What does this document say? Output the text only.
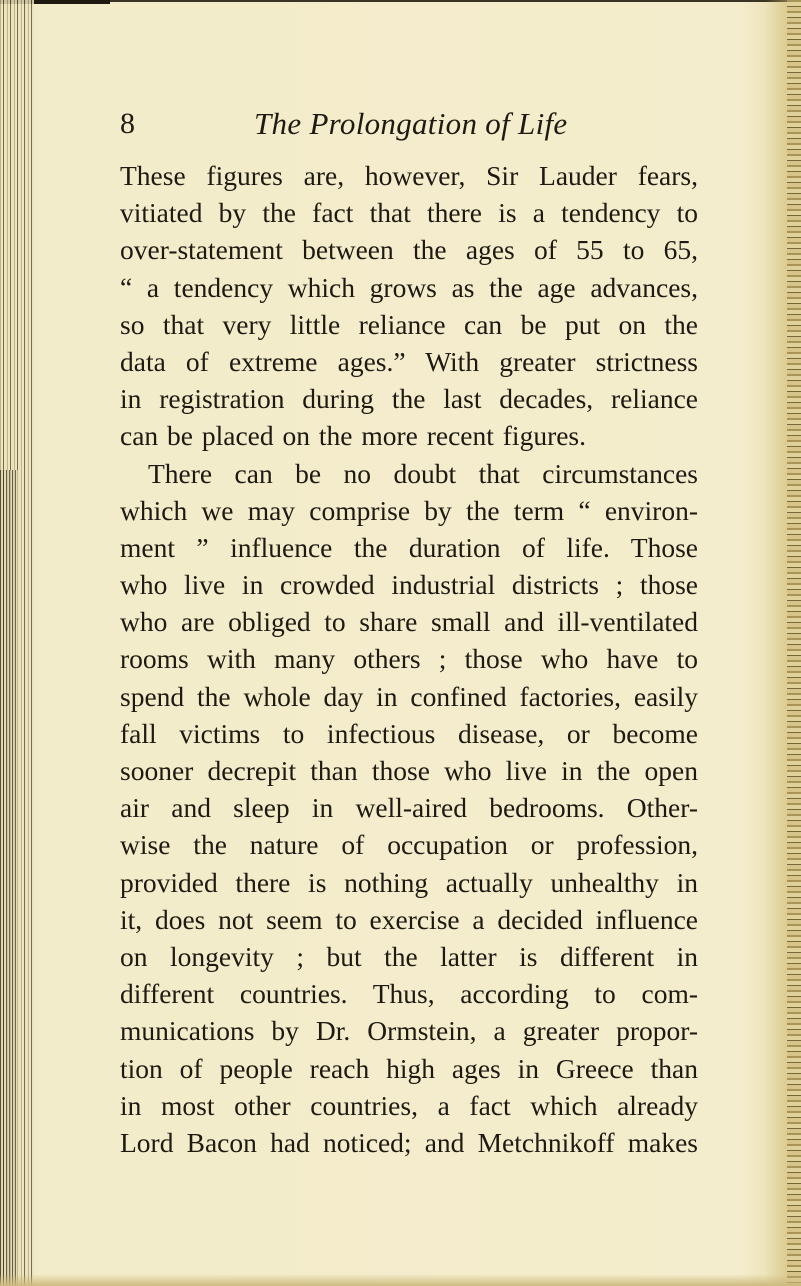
8	The Prolongation of Life
These figures are, however, Sir Lauder fears,
vitiated by the fact that there is a tendency to
over-statement between the ages of 55 to 65,
“ a tendency which grows as the age advances,
so that very little reliance can be put on the
data of extreme ages.” With greater strictness
in registration during the last decades, reliance
can be placed on the more recent figures.
There can be no doubt that circumstances
which we may comprise by the term “ environ-
ment ” influence the duration of life. Those
who live in crowded industrial districts ; those
who are obliged to share small and ill-ventilated
rooms with many others ; those who have to
spend the whole day in confined factories, easily
fall victims to infectious disease, or become
sooner decrepit than those who live in the open
air and sleep in well-aired bedrooms. Other-
wise the nature of occupation or profession,
provided there is nothing actually unhealthy in
it, does not seem to exercise a decided influence
on longevity ; but the latter is different in
different countries. Thus, according to com-
munications by Dr. Ormstein, a greater propor-
tion of people reach high ages in Greece than
in most other countries, a fact which already
Lord Bacon had noticed; and Metchnikoff makes
